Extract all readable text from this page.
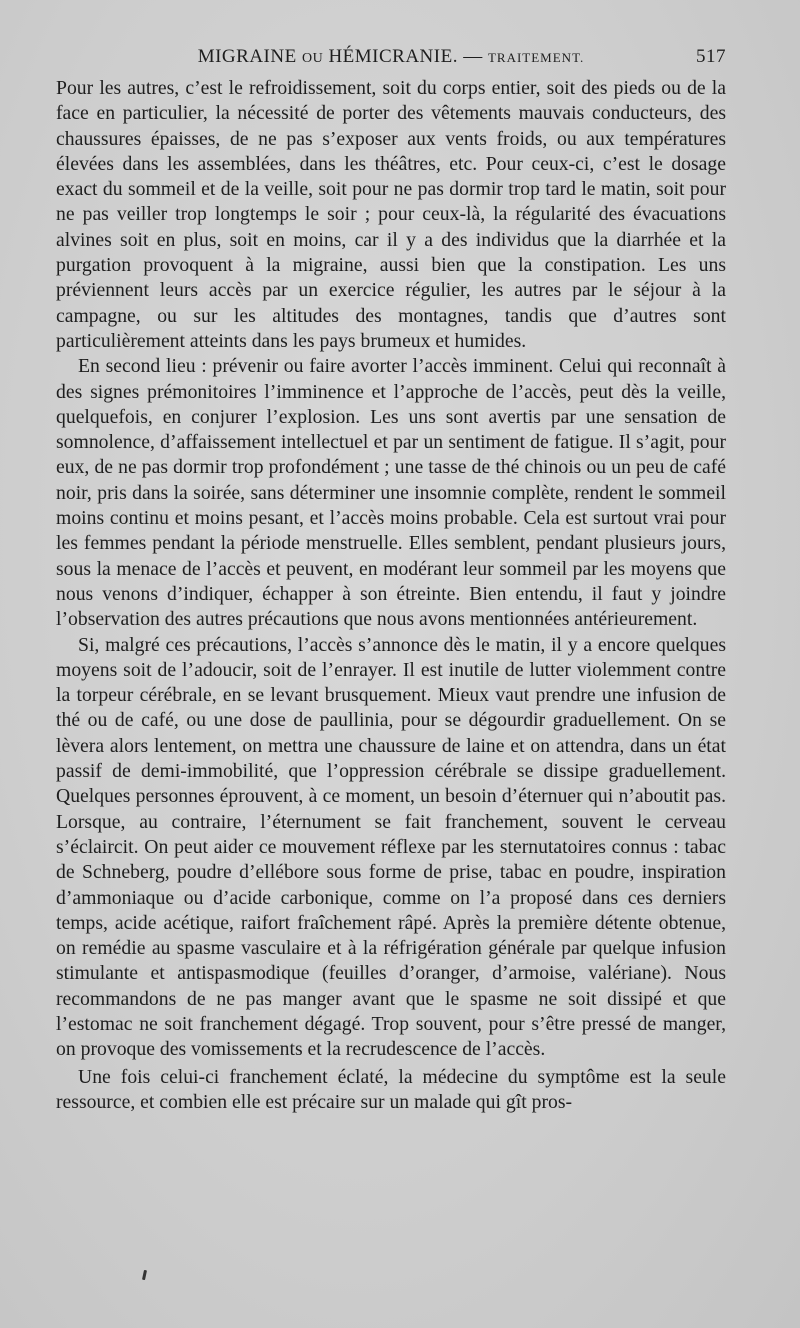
MIGRAINE OU HÉMICRANIE. — TRAITEMENT.	517

Pour les autres, c’est le refroidissement, soit du corps entier, soit des pieds ou de la face en particulier, la nécessité de porter des vêtements mauvais conducteurs, des chaussures épaisses, de ne pas s’exposer aux vents froids, ou aux températures élevées dans les assemblées, dans les théâtres, etc. Pour ceux-ci, c’est le dosage exact du sommeil et de la veille, soit pour ne pas dormir trop tard le matin, soit pour ne pas veiller trop longtemps le soir ; pour ceux-là, la régularité des évacuations alvines soit en plus, soit en moins, car il y a des individus que la diarrhée et la purgation provoquent à la migraine, aussi bien que la constipation. Les uns préviennent leurs accès par un exercice régulier, les autres par le séjour à la campagne, ou sur les altitudes des montagnes, tandis que d’autres sont particulièrement atteints dans les pays brumeux et humides.

En second lieu : prévenir ou faire avorter l’accès imminent. Celui qui reconnaît à des signes prémonitoires l’imminence et l’approche de l’accès, peut dès la veille, quelquefois, en conjurer l’explosion. Les uns sont avertis par une sensation de somnolence, d’affaissement intellectuel et par un sentiment de fatigue. Il s’agit, pour eux, de ne pas dormir trop profondément ; une tasse de thé chinois ou un peu de café noir, pris dans la soirée, sans déterminer une insomnie complète, rendent le sommeil moins continu et moins pesant, et l’accès moins probable. Cela est surtout vrai pour les femmes pendant la période menstruelle. Elles semblent, pendant plusieurs jours, sous la menace de l’accès et peuvent, en modérant leur sommeil par les moyens que nous venons d’indiquer, échapper à son étreinte. Bien entendu, il faut y joindre l’observation des autres précautions que nous avons mentionnées antérieurement.

Si, malgré ces précautions, l’accès s’annonce dès le matin, il y a encore quelques moyens soit de l’adoucir, soit de l’enrayer. Il est inutile de lutter violemment contre la torpeur cérébrale, en se levant brusquement. Mieux vaut prendre une infusion de thé ou de café, ou une dose de paullinia, pour se dégourdir graduellement. On se lèvera alors lentement, on mettra une chaussure de laine et on attendra, dans un état passif de demi-immobilité, que l’oppression cérébrale se dissipe graduellement. Quelques personnes éprouvent, à ce moment, un besoin d’éternuer qui n’aboutit pas. Lorsque, au contraire, l’éternument se fait franchement, souvent le cerveau s’éclaircit. On peut aider ce mouvement réflexe par les sternutatoires connus : tabac de Schneberg, poudre d’ellébore sous forme de prise, tabac en poudre, inspiration d’ammoniaque ou d’acide carbonique, comme on l’a proposé dans ces derniers temps, acide acétique, raifort fraîchement râpé. Après la première détente obtenue, on remédie au spasme vasculaire et à la réfrigération générale par quelque infusion stimulante et antispasmodique (feuilles d’oranger, d’armoise, valériane). Nous recommandons de ne pas manger avant que le spasme ne soit dissipé et que l’estomac ne soit franchement dégagé. Trop souvent, pour s’être pressé de manger, on provoque des vomissements et la recrudescence de l’accès.

Une fois celui-ci franchement éclaté, la médecine du symptôme est la seule ressource, et combien elle est précaire sur un malade qui gît pros-
